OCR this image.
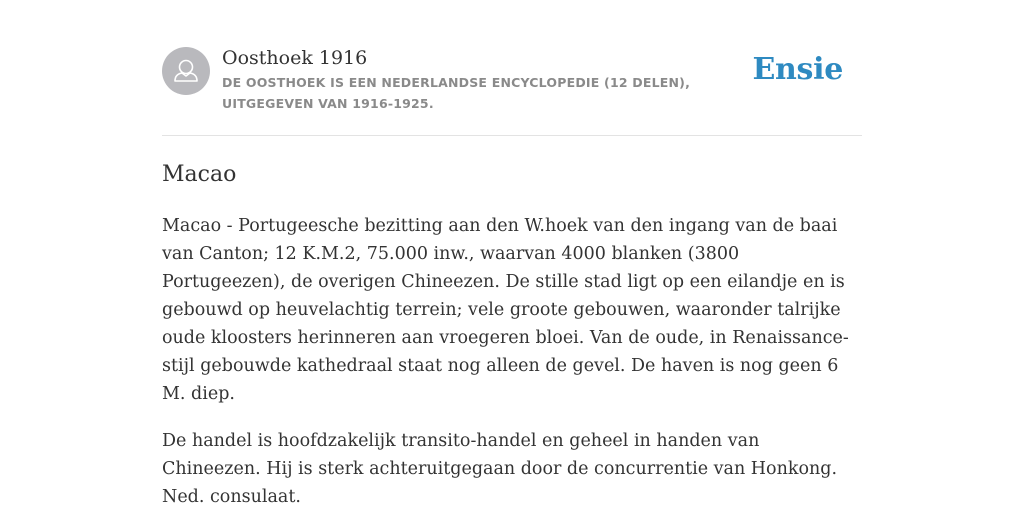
Oosthoek 1916
DE OOSTHOEK IS EEN NEDERLANDSE ENCYCLOPEDIE (12 DELEN), UITGEGEVEN VAN 1916-1925.
Ensie
Macao

Macao - Portugeesche bezitting aan den W.hoek van den ingang van de baai van Canton; 12 K.M.2, 75.000 inw., waarvan 4000 blanken (3800 Portugeezen), de overigen Chineezen. De stille stad ligt op een eilandje en is gebouwd op heuvelachtig terrein; vele groote gebouwen, waaronder talrijke oude kloosters herinneren aan vroegeren bloei. Van de oude, in Renaissance-stijl gebouwde kathedraal staat nog alleen de gevel. De haven is nog geen 6 M. diep.

De handel is hoofdzakelijk transito-handel en geheel in handen van Chineezen. Hij is sterk achteruitgegaan door de concurrentie van Honkong. Ned. consulaat.
